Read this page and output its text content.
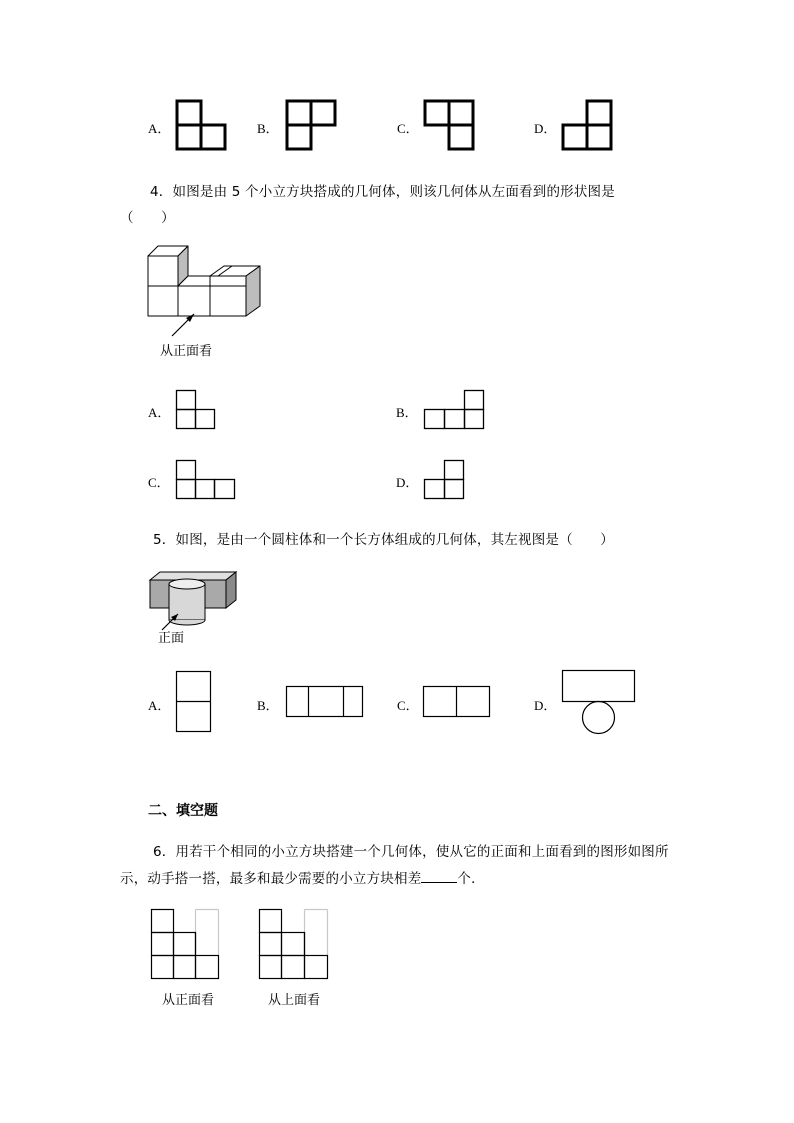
A．	B．	C．	D．
4．如图是由 5 个小立方块搭成的几何体，则该几何体从左面看到的形状图是
（　　）
从正面看
A．	B．
C．	D．
5．如图，是由一个圆柱体和一个长方体组成的几何体，其左视图是（　　）
正面
A．	B．	C．	D．
二、填空题
6．用若干个相同的小立方块搭建一个几何体，使从它的正面和上面看到的图形如图所
示，动手搭一搭，最多和最少需要的小立方块相差	个．
从正面看	从上面看
